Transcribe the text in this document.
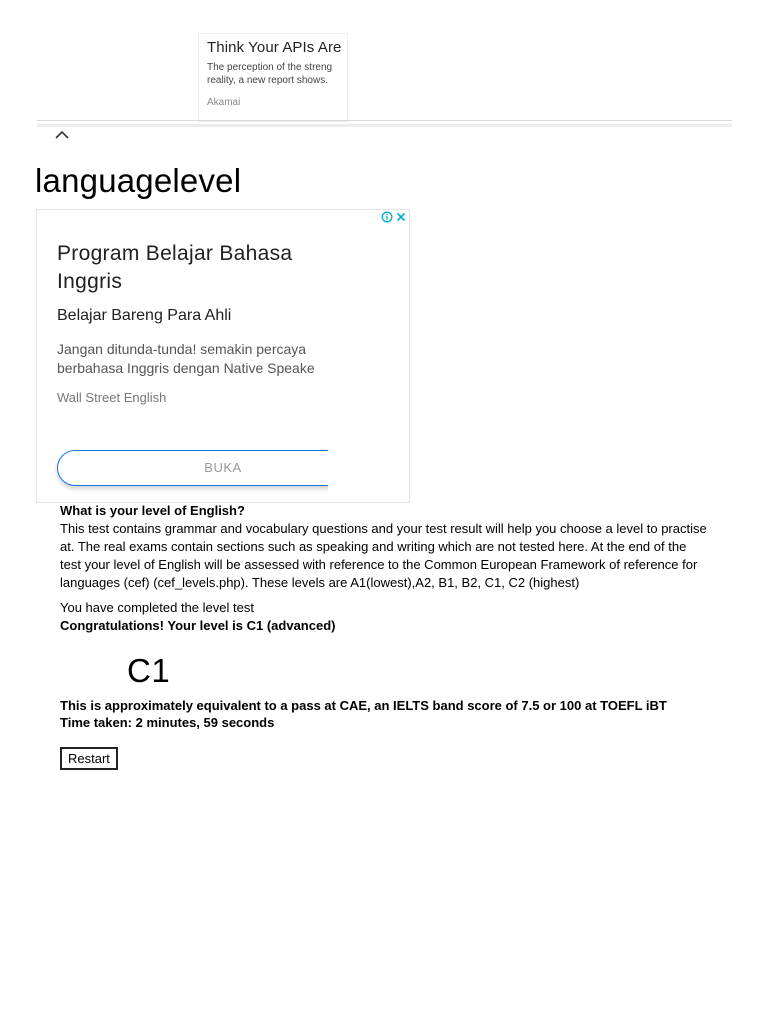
Think Your APIs Are
The perception of the streng
reality, a new report shows.
Akamai
languagelevel
Program Belajar Bahasa Inggris
Belajar Bareng Para Ahli
Jangan ditunda-tunda! semakin percaya
berbahasa Inggris dengan Native Speake
Wall Street English
BUKA

What is your level of English?

This test contains grammar and vocabulary questions and your test result will help you choose a level to practise at. The real exams contain sections such as speaking and writing which are not tested here. At the end of the test your level of English will be assessed with reference to the Common European Framework of reference for languages (cef) (cef_levels.php). These levels are A1(lowest),A2, B1, B2, C1, C2 (highest)

You have completed the level test
Congratulations! Your level is C1 (advanced)
C1
This is approximately equivalent to a pass at CAE, an IELTS band score of 7.5 or 100 at TOEFL iBT
Time taken: 2 minutes, 59 seconds
Restart
